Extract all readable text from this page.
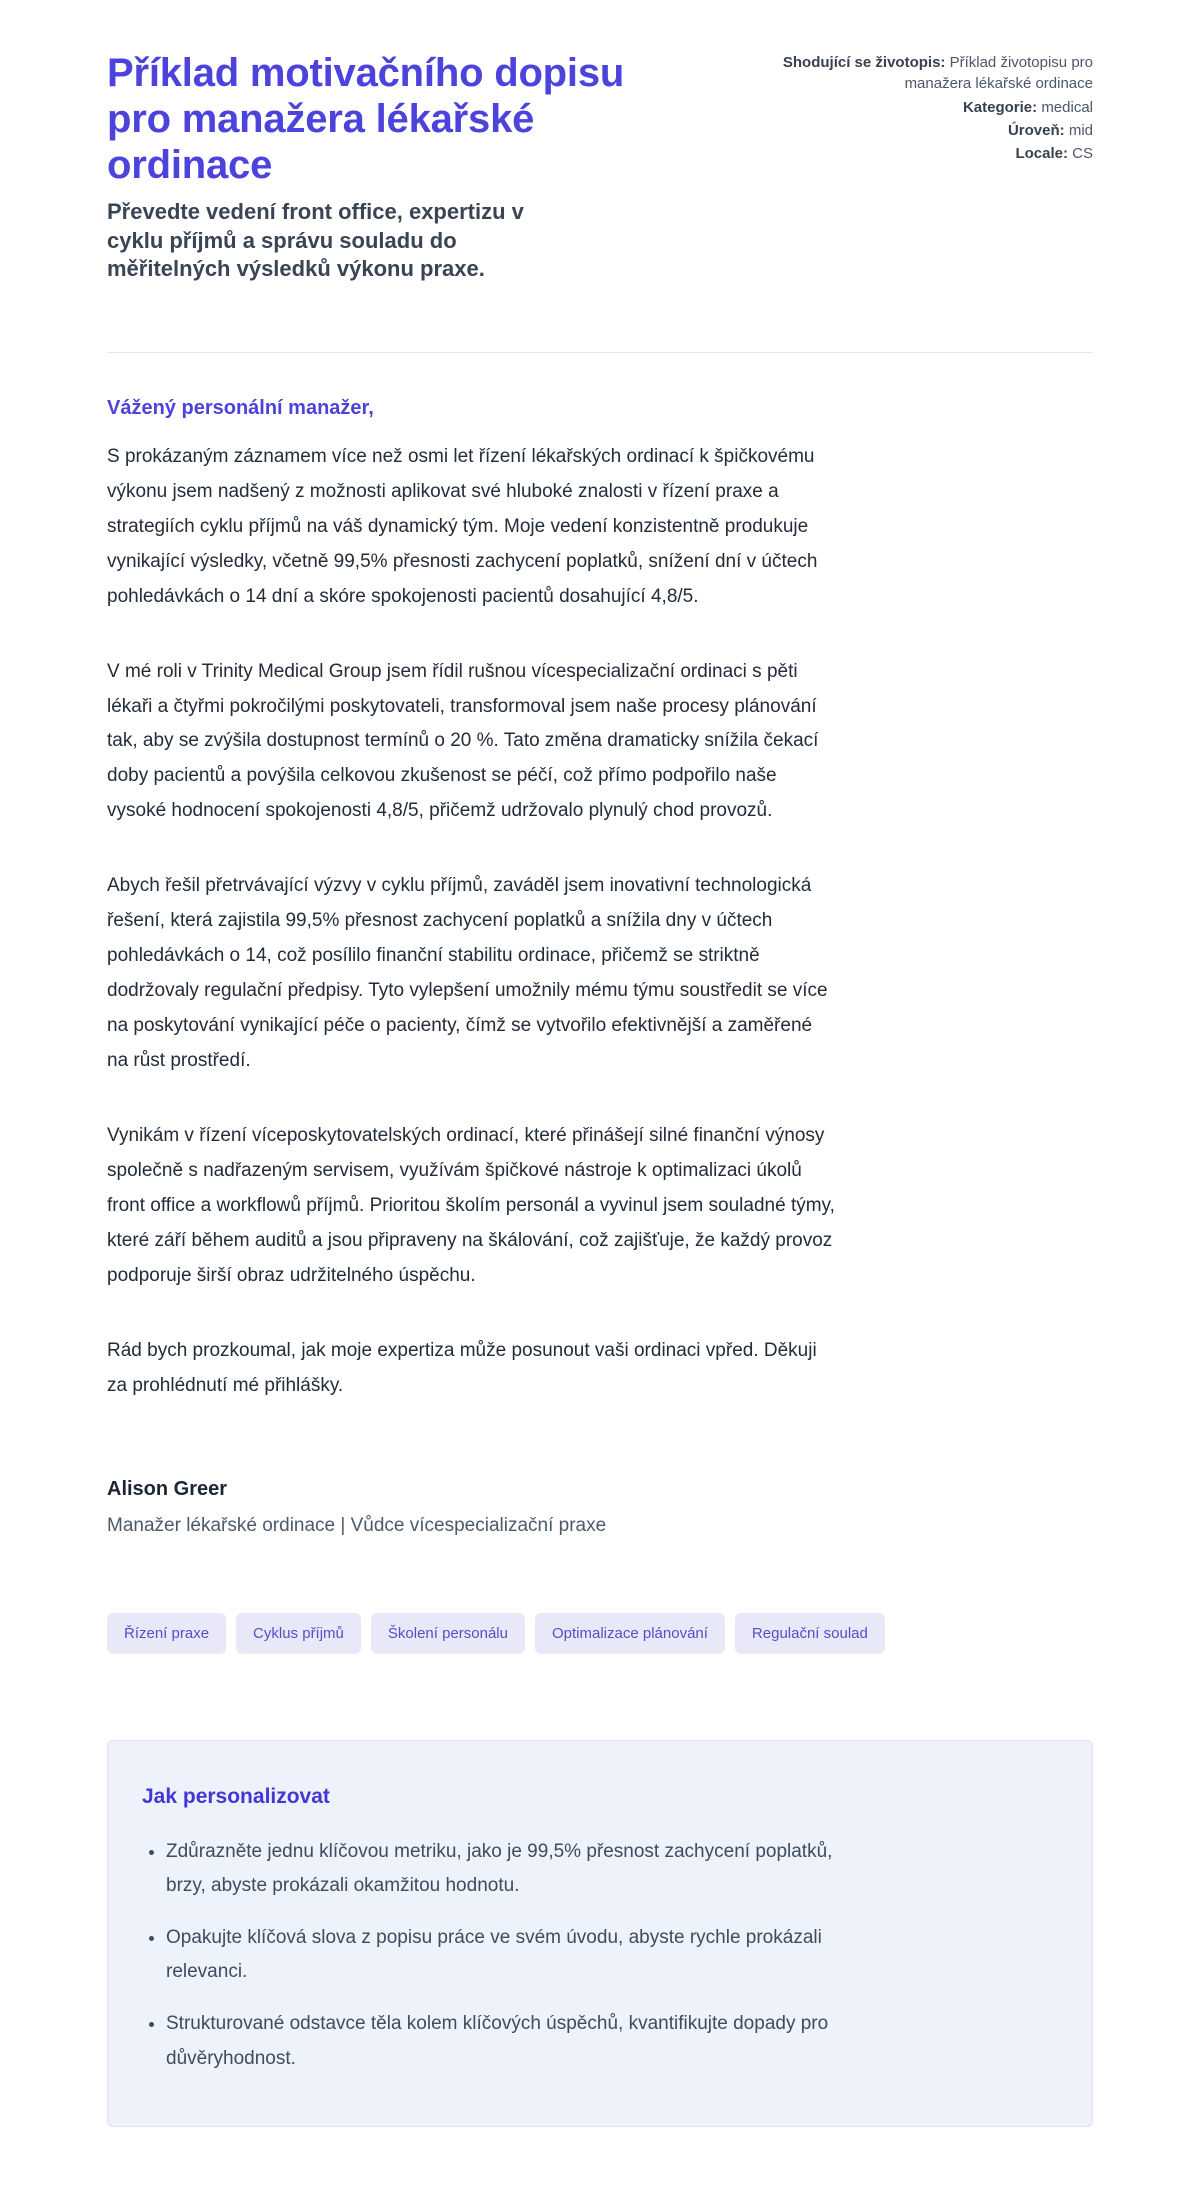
Příklad motivačního dopisu pro manažera lékařské ordinace

Převedte vedení front office, expertizu v cyklu příjmů a správu souladu do měřitelných výsledků výkonu praxe.

Shodující se životopis: Příklad životopisu pro manažera lékařské ordinace
Kategorie: medical
Úroveň: mid
Locale: CS

Vážený personální manažer,

S prokázaným záznamem více než osmi let řízení lékařských ordinací k špičkovému výkonu jsem nadšený z možnosti aplikovat své hluboké znalosti v řízení praxe a strategiích cyklu příjmů na váš dynamický tým. Moje vedení konzistentně produkuje vynikající výsledky, včetně 99,5% přesnosti zachycení poplatků, snížení dní v účtech pohledávkách o 14 dní a skóre spokojenosti pacientů dosahující 4,8/5.

V mé roli v Trinity Medical Group jsem řídil rušnou vícespecializační ordinaci s pěti lékaři a čtyřmi pokročilými poskytovateli, transformoval jsem naše procesy plánování tak, aby se zvýšila dostupnost termínů o 20 %. Tato změna dramaticky snížila čekací doby pacientů a povýšila celkovou zkušenost se péčí, což přímo podpořilo naše vysoké hodnocení spokojenosti 4,8/5, přičemž udržovalo plynulý chod provozů.

Abych řešil přetrvávající výzvy v cyklu příjmů, zaváděl jsem inovativní technologická řešení, která zajistila 99,5% přesnost zachycení poplatků a snížila dny v účtech pohledávkách o 14, což posílilo finanční stabilitu ordinace, přičemž se striktně dodržovaly regulační předpisy. Tyto vylepšení umožnily mému týmu soustředit se více na poskytování vynikající péče o pacienty, čímž se vytvořilo efektivnější a zaměřené na růst prostředí.

Vynikám v řízení víceposkytovatelských ordinací, které přinášejí silné finanční výnosy společně s nadřazeným servisem, využívám špičkové nástroje k optimalizaci úkolů front office a workflowů příjmů. Prioritou školím personál a vyvinul jsem souladné týmy, které září během auditů a jsou připraveny na škálování, což zajišťuje, že každý provoz podporuje širší obraz udržitelného úspěchu.

Rád bych prozkoumal, jak moje expertiza může posunout vaši ordinaci vpřed. Děkuji za prohlédnutí mé přihlášky.

Alison Greer

Manažer lékařské ordinace | Vůdce vícespecializační praxe

Řízení praxe	Cyklus příjmů	Školení personálu	Optimalizace plánování	Regulační soulad
Jak personalizovat
• Zdůrazněte jednu klíčovou metriku, jako je 99,5% přesnost zachycení poplatků, brzy, abyste prokázali okamžitou hodnotu.
• Opakujte klíčová slova z popisu práce ve svém úvodu, abyste rychle prokázali relevanci.
• Strukturované odstavce těla kolem klíčových úspěchů, kvantifikujte dopady pro důvěryhodnost.
